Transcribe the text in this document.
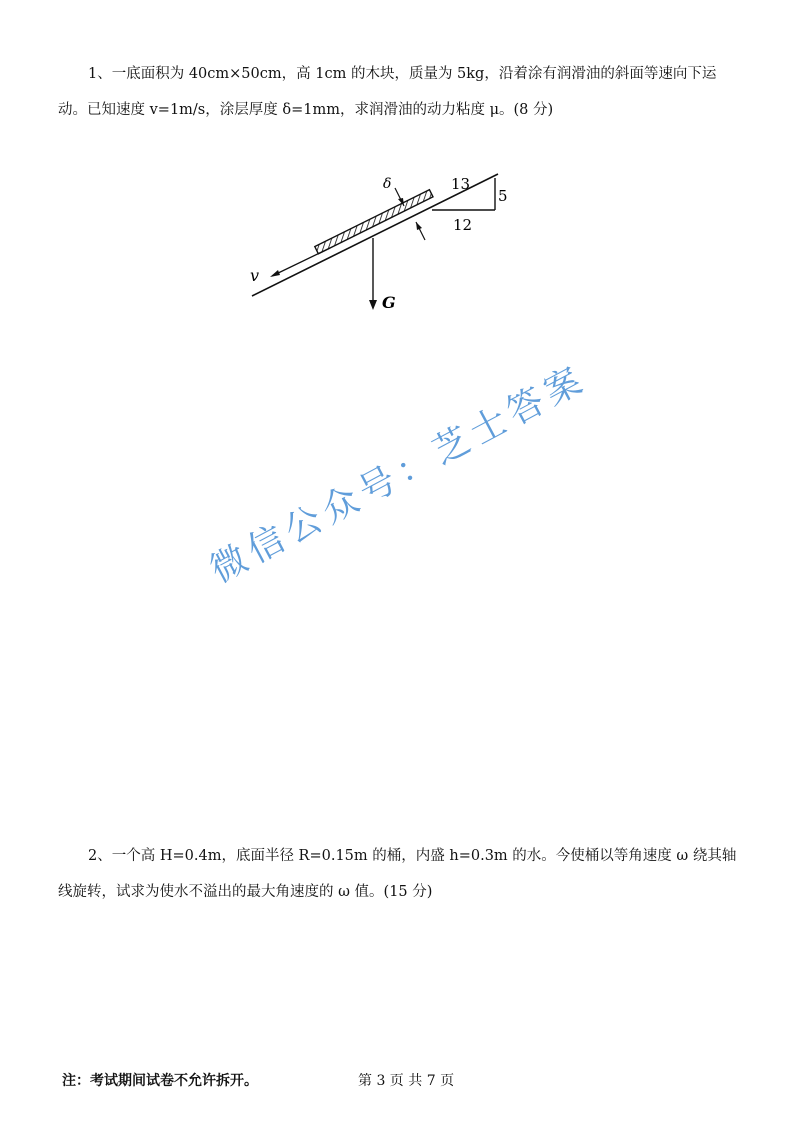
1、一底面积为 40cm×50cm，高 1cm 的木块，质量为 5kg，沿着涂有润滑油的斜面等速向下运
动。已知速度 v=1m/s，涂层厚度 δ=1mm，求润滑油的动力粘度 μ。(8 分)

δ	13
5
12
v
G
微信公众号：芝士答案

2、一个高 H=0.4m，底面半径 R=0.15m 的桶，内盛 h=0.3m 的水。今使桶以等角速度 ω 绕其轴
线旋转，试求为使水不溢出的最大角速度的 ω 值。(15 分)

注：考试期间试卷不允许拆开。	第 3 页 共 7 页
